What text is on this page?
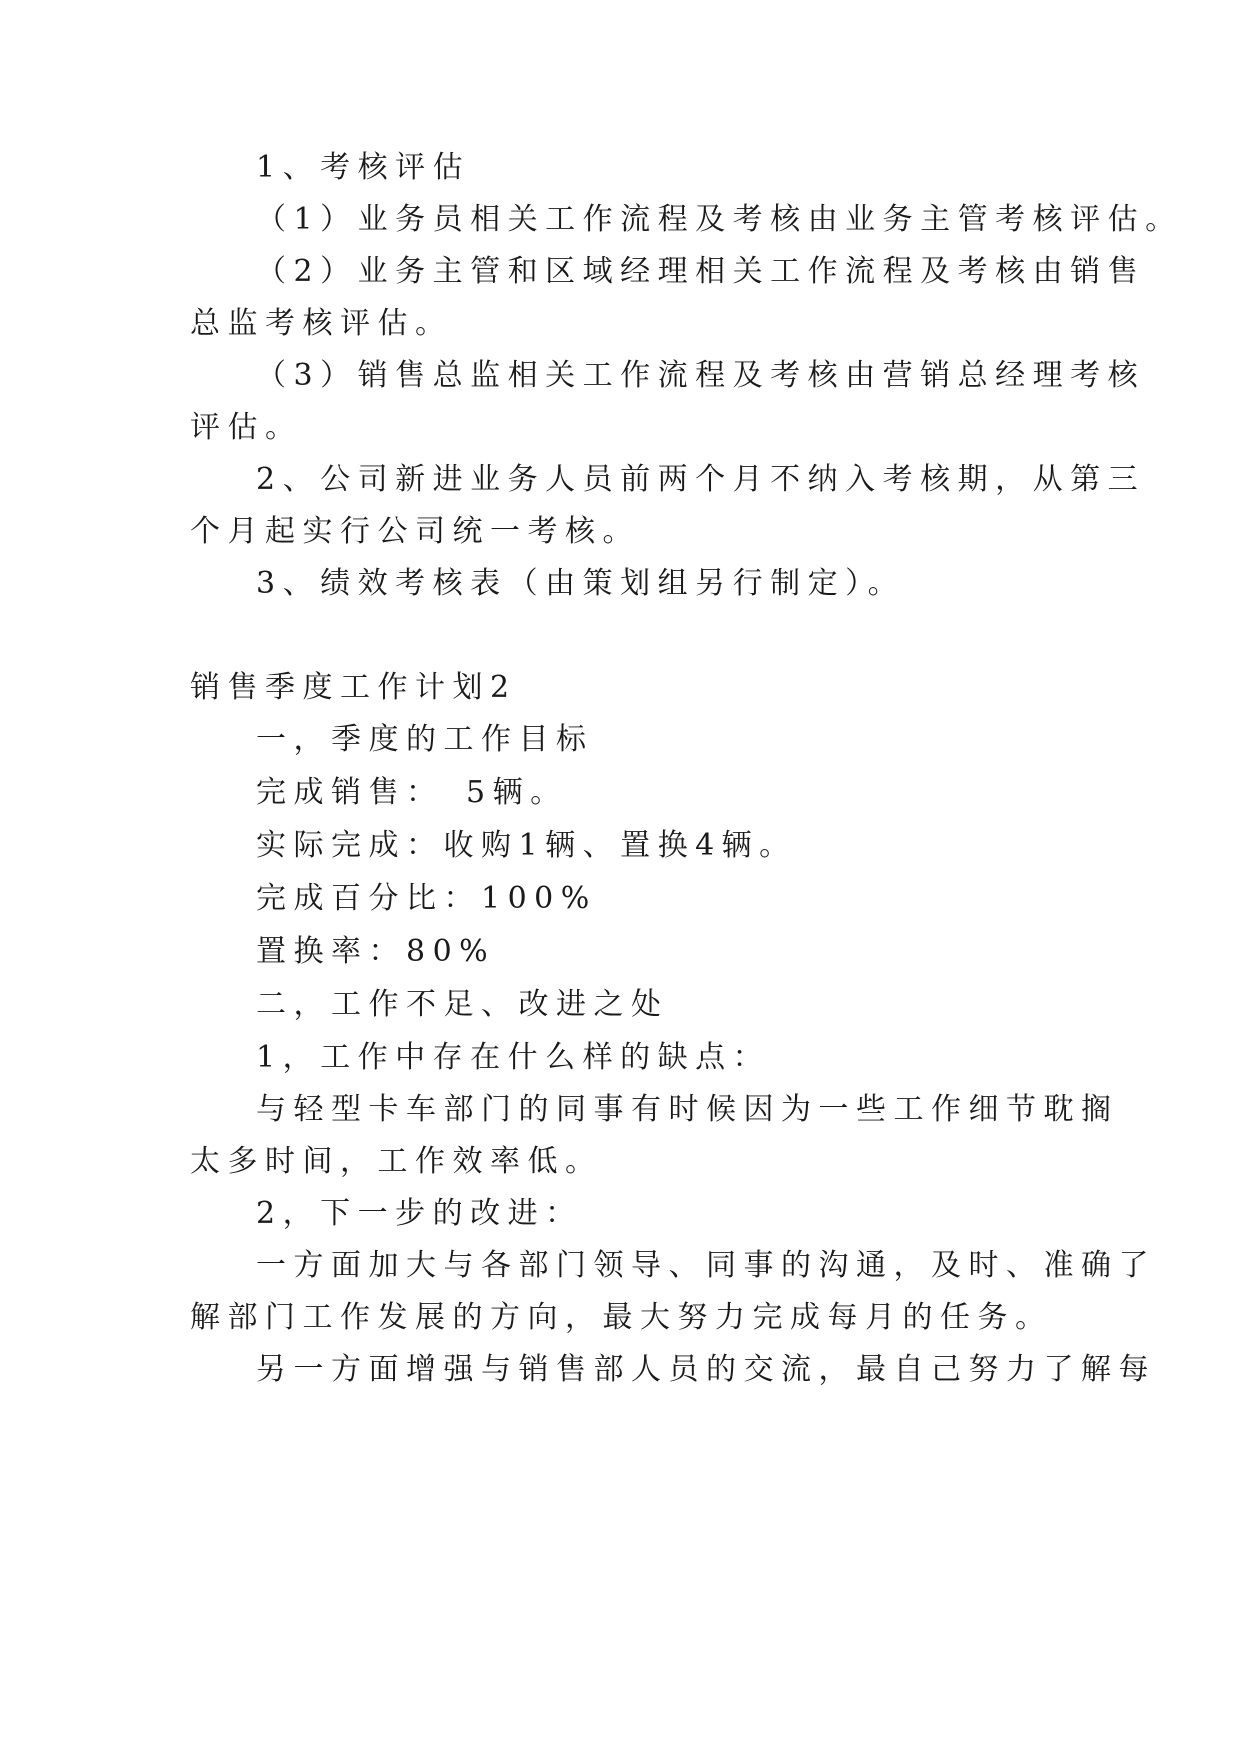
1、考核评估
（1）业务员相关工作流程及考核由业务主管考核评估。
（2）业务主管和区域经理相关工作流程及考核由销售
总监考核评估。
（3）销售总监相关工作流程及考核由营销总经理考核
评估。
2、公司新进业务人员前两个月不纳入考核期，从第三
个月起实行公司统一考核。
3、绩效考核表（由策划组另行制定）。
销售季度工作计划2
一，季度的工作目标
完成销售：　5辆。
实际完成：收购1辆、置换4辆。
完成百分比：100%
置换率：80%
二，工作不足、改进之处
1，工作中存在什么样的缺点：
与轻型卡车部门的同事有时候因为一些工作细节耽搁
太多时间，工作效率低。
2，下一步的改进：
一方面加大与各部门领导、同事的沟通，及时、准确了
解部门工作发展的方向，最大努力完成每月的任务。
另一方面增强与销售部人员的交流，最自己努力了解每
